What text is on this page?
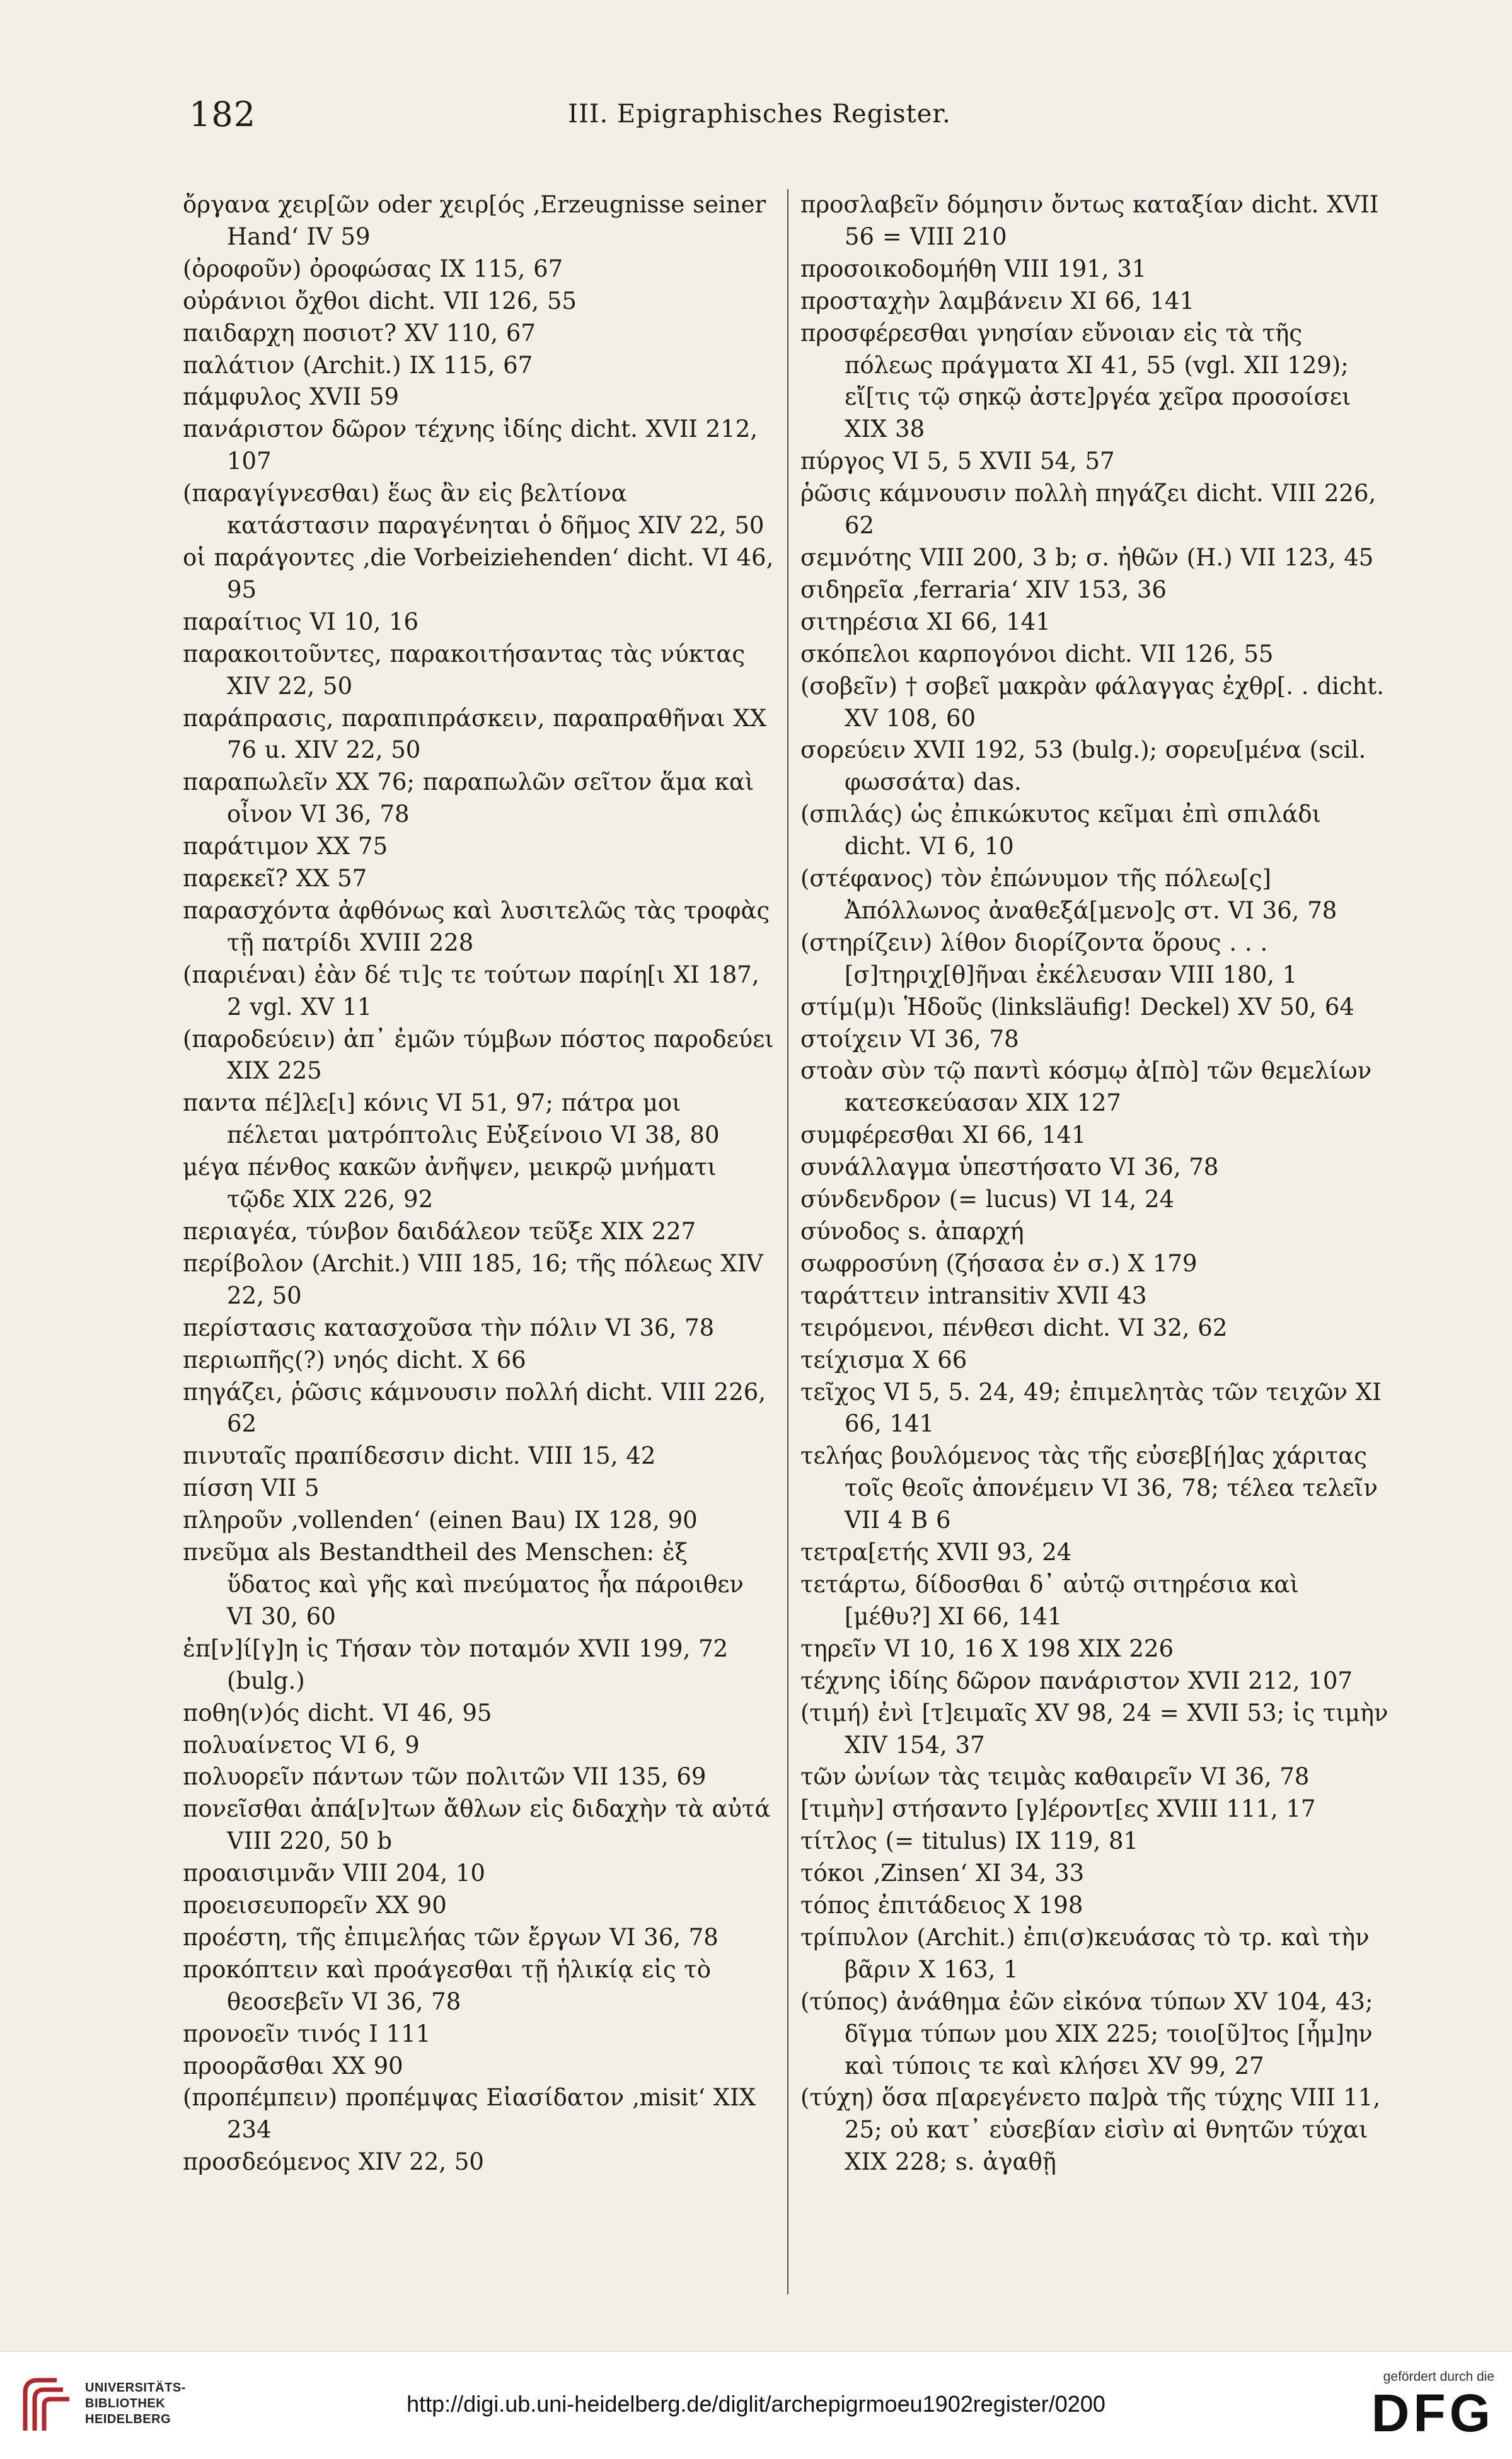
182	III. Epigraphisches Register.
ὄργανα χειρ[ῶν oder χειρ[ός ‚Erzeugnisse seiner Hand‘ IV 59
(ὀροφοῦν) ὀροφώσας IX 115, 67
οὐράνιοι ὄχθοι dicht. VII 126, 55
παιδαρχη ποσιοτ? XV 110, 67
παλάτιον (Archit.) IX 115, 67
πάμφυλος XVII 59
πανάριστον δῶρον τέχνης ἰδίης dicht. XVII 212, 107
(παραγίγνεσθαι) ἕως ἂν εἰς βελτίονα κατάστασιν παραγένηται ὁ δῆμος XIV 22, 50
οἱ παράγοντες ‚die Vorbeiziehenden‘ dicht. VI 46, 95
παραίτιος VI 10, 16
παρακοιτοῦντες, παρακοιτήσαντας τὰς νύκτας XIV 22, 50
παράπρασις, παραπιπράσκειν, παραπραθῆναι XX 76 u. XIV 22, 50
παραπωλεῖν XX 76; παραπωλῶν σεῖτον ἅμα καὶ οἶνον VI 36, 78
παράτιμον XX 75
παρεκεῖ? XX 57
παρασχόντα ἀφθόνως καὶ λυσιτελῶς τὰς τροφὰς τῇ πατρίδι XVIII 228
(παριέναι) ἐὰν δέ τι]ς τε τούτων παρίη[ι XI 187, 2 vgl. XV 11
(παροδεύειν) ἀπ᾽ ἐμῶν τύμβων πόστος παροδεύει XIX 225
παντα πέ]λε[ι] κόνις VI 51, 97; πάτρα μοι πέλεται ματρόπτολις Εὐξείνοιο VI 38, 80
μέγα πένθος κακῶν ἀνῆψεν, μεικρῷ μνήματι τῷδε XIX 226, 92
περιαγέα, τύνβον δαιδάλεον τεῦξε XIX 227
περίβολον (Archit.) VIII 185, 16; τῆς πόλεως XIV 22, 50
περίστασις κατασχοῦσα τὴν πόλιν VI 36, 78
περιωπῆς(?) νηός dicht. X 66
πηγάζει, ῥῶσις κάμνουσιν πολλή dicht. VIII 226, 62
πινυταῖς πραπίδεσσιν dicht. VIII 15, 42
πίσση VII 5
πληροῦν ‚vollenden‘ (einen Bau) IX 128, 90
πνεῦμα als Bestandtheil des Menschen: ἐξ ὕδατος καὶ γῆς καὶ πνεύματος ἦα πάροιθεν VI 30, 60
ἐπ[ν]ί[γ]η ἰς Τήσαν τὸν ποταμόν XVII 199, 72 (bulg.)
ποθη(ν)ός dicht. VI 46, 95
πολυαίνετος VI 6, 9
πολυορεῖν πάντων τῶν πολιτῶν VII 135, 69
πονεῖσθαι ἀπά[ν]των ἄθλων εἰς διδαχὴν τὰ αὐτά VIII 220, 50 b
προαισιμνᾶν VIII 204, 10
προεισευπορεῖν XX 90
προέστη, τῆς ἐπιμελήας τῶν ἔργων VI 36, 78
προκόπτειν καὶ προάγεσθαι τῇ ἡλικίᾳ εἰς τὸ θεοσεβεῖν VI 36, 78
προνοεῖν τινός I 111
προορᾶσθαι XX 90
(προπέμπειν) προπέμψας Εἰασίδατον ‚misit‘ XIX 234
προσδεόμενος XIV 22, 50
προσλαβεῖν δόμησιν ὄντως καταξίαν dicht. XVII 56 = VIII 210
προσοικοδομήθη VIII 191, 31
προσταχὴν λαμβάνειν XI 66, 141
προσφέρεσθαι γνησίαν εὔνοιαν εἰς τὰ τῆς πόλεως πράγματα XI 41, 55 (vgl. XII 129); εἴ[τις τῷ σηκῷ ἀστε]ργέα χεῖρα προσοίσει XIX 38
πύργος VI 5, 5 XVII 54, 57
ῥῶσις κάμνουσιν πολλὴ πηγάζει dicht. VIII 226, 62
σεμνότης VIII 200, 3 b; σ. ἠθῶν (H.) VII 123, 45
σιδηρεῖα ‚ferraria‘ XIV 153, 36
σιτηρέσια XI 66, 141
σκόπελοι καρπογόνοι dicht. VII 126, 55
(σοβεῖν) † σοβεῖ μακρὰν φάλαγγας ἐχθρ[. . dicht. XV 108, 60
σορεύειν XVII 192, 53 (bulg.); σορευ[μένα (scil. φωσσάτα) das.
(σπιλάς) ὡς ἐπικώκυτος κεῖμαι ἐπὶ σπιλάδι dicht. VI 6, 10
(στέφανος) τὸν ἐπώνυμον τῆς πόλεω[ς] Ἀπόλλωνος ἀναθεξά[μενο]ς στ. VI 36, 78
(στηρίζειν) λίθον διορίζοντα ὅρους . . . [σ]τηριχ[θ]ῆναι ἐκέλευσαν VIII 180, 1
στίμ(μ)ι Ἡδοῦς (linksläufig! Deckel) XV 50, 64
στοίχειν VI 36, 78
στοὰν σὺν τῷ παντὶ κόσμῳ ἀ[πὸ] τῶν θεμελίων κατεσκεύασαν XIX 127
συμφέρεσθαι XI 66, 141
συνάλλαγμα ὑπεστήσατο VI 36, 78
σύνδενδρον (= lucus) VI 14, 24
σύνοδος s. ἀπαρχή
σωφροσύνη (ζήσασα ἐν σ.) X 179
ταράττειν intransitiv XVII 43
τειρόμενοι, πένθεσι dicht. VI 32, 62
τείχισμα X 66
τεῖχος VI 5, 5. 24, 49; ἐπιμελητὰς τῶν τειχῶν XI 66, 141
τελήας βουλόμενος τὰς τῆς εὐσεβ[ή]ας χάριτας τοῖς θεοῖς ἀπονέμειν VI 36, 78; τέλεα τελεῖν VII 4 B 6
τετρα[ετής XVII 93, 24
τετάρτω, δίδοσθαι δ᾽ αὐτῷ σιτηρέσια καὶ [μέθυ?] XI 66, 141
τηρεῖν VI 10, 16 X 198 XIX 226
τέχνης ἰδίης δῶρον πανάριστον XVII 212, 107
(τιμή) ἐνὶ [τ]ειμαῖς XV 98, 24 = XVII 53; ἰς τιμὴν XIV 154, 37
τῶν ὠνίων τὰς τειμὰς καθαιρεῖν VI 36, 78
[τιμὴν] στήσαντο [γ]έροντ[ες XVIII 111, 17
τίτλος (= titulus) IX 119, 81
τόκοι ‚Zinsen‘ XI 34, 33
τόπος ἐπιτάδειος X 198
τρίπυλον (Archit.) ἐπι(σ)κευάσας τὸ τρ. καὶ τὴν βᾶριν X 163, 1
(τύπος) ἀνάθημα ἐῶν εἰκόνα τύπων XV 104, 43; δῖγμα τύπων μου XIX 225; τοιο[ῦ]τος [ἦμ]ην καὶ τύποις τε καὶ κλήσει XV 99, 27
(τύχη) ὅσα π[αρεγένετο πα]ρὰ τῆς τύχης VIII 11, 25; οὐ κατ᾽ εὐσεβίαν εἰσὶν αἱ θνητῶν τύχαι XIX 228; s. ἀγαθῇ
UNIVERSITÄTS-
BIBLIOTHEK
HEIDELBERG
http://digi.ub.uni-heidelberg.de/diglit/archepigrmoeu1902register/0200
gefördert durch die
DFG
